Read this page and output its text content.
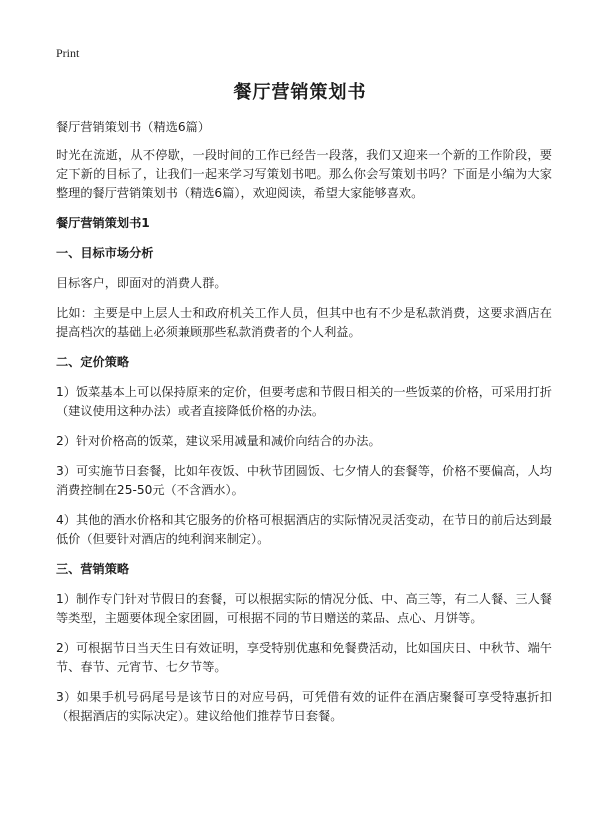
Print
餐厅营销策划书

餐厅营销策划书（精选6篇）

时光在流逝，从不停歇，一段时间的工作已经告一段落，我们又迎来一个新的工作阶段，要定下新的目标了，让我们一起来学习写策划书吧。那么你会写策划书吗？下面是小编为大家整理的餐厅营销策划书（精选6篇），欢迎阅读，希望大家能够喜欢。

餐厅营销策划书1

一、目标市场分析

目标客户，即面对的消费人群。

比如：主要是中上层人士和政府机关工作人员，但其中也有不少是私款消费，这要求酒店在提高档次的基础上必须兼顾那些私款消费者的个人利益。

二、定价策略

1）饭菜基本上可以保持原来的定价，但要考虑和节假日相关的一些饭菜的价格，可采用打折（建议使用这种办法）或者直接降低价格的办法。

2）针对价格高的饭菜，建议采用减量和减价向结合的办法。

3）可实施节日套餐，比如年夜饭、中秋节团圆饭、七夕情人的套餐等，价格不要偏高，人均消费控制在25-50元（不含酒水）。

4）其他的酒水价格和其它服务的价格可根据酒店的实际情况灵活变动，在节日的前后达到最低价（但要针对酒店的纯利润来制定）。

三、营销策略

1）制作专门针对节假日的套餐，可以根据实际的情况分低、中、高三等，有二人餐、三人餐等类型，主题要体现全家团圆，可根据不同的节日赠送的菜品、点心、月饼等。

2）可根据节日当天生日有效证明，享受特别优惠和免餐费活动，比如国庆日、中秋节、端午节、春节、元宵节、七夕节等。

3）如果手机号码尾号是该节日的对应号码，可凭借有效的证件在酒店聚餐可享受特惠折扣（根据酒店的实际决定）。建议给他们推荐节日套餐。
